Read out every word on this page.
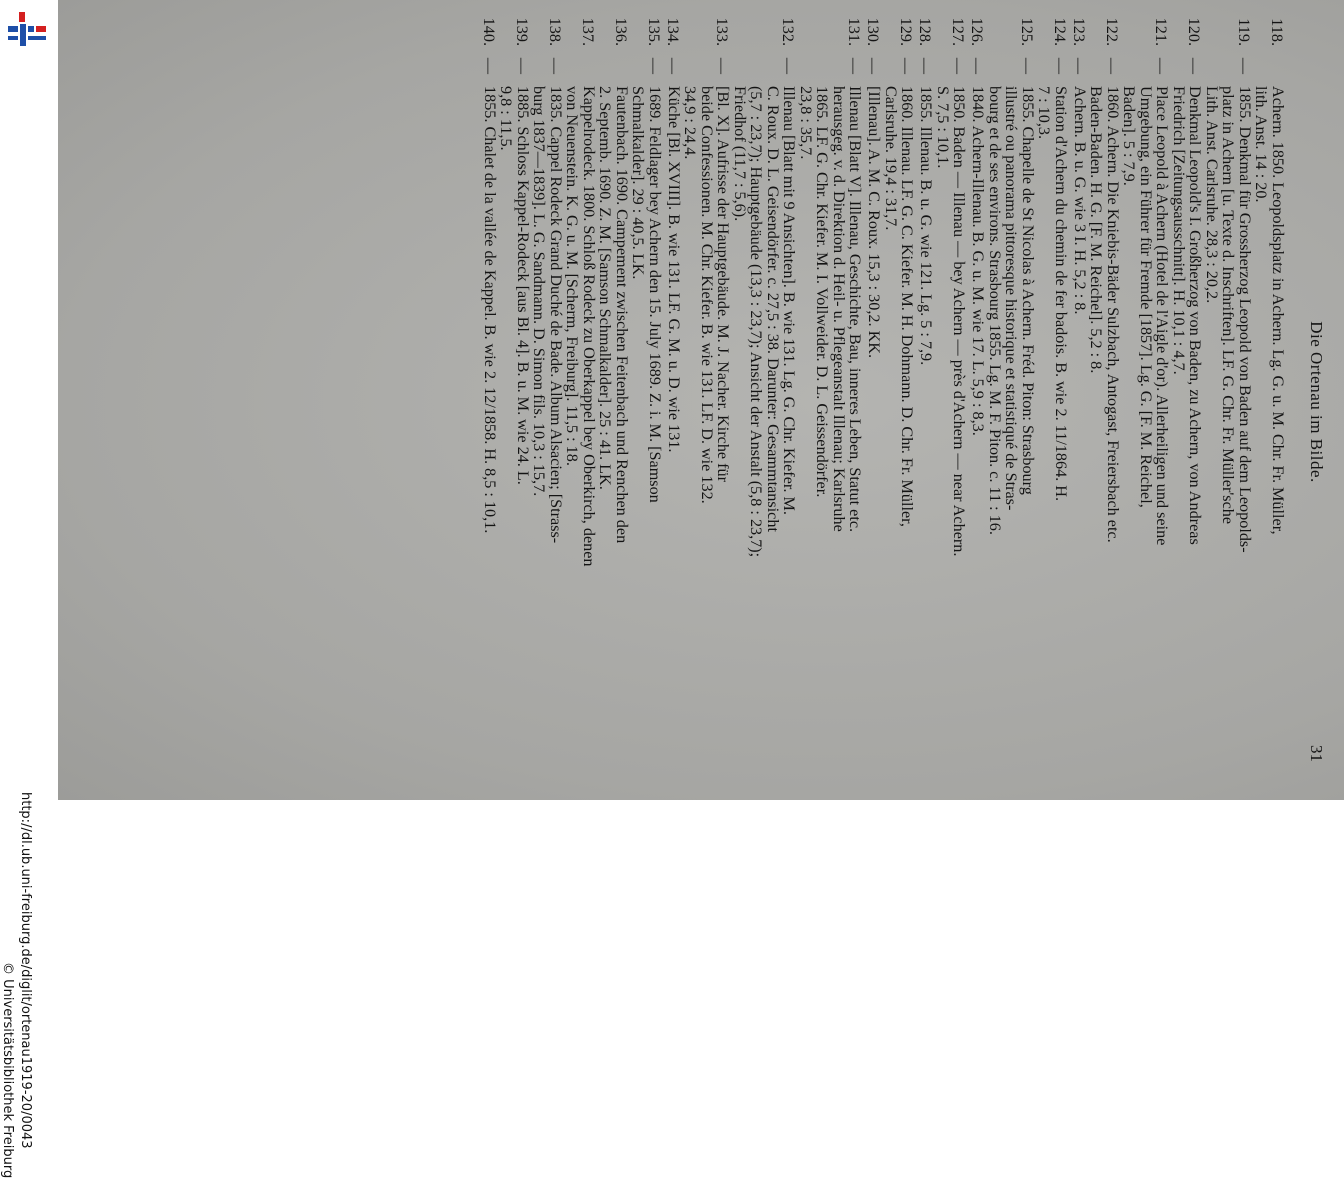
http://dl.ub.uni-freiburg.de/diglit/ortenau1919-20/0043
© Universitätsbibliothek Freiburg
Die Ortenau im Bilde.
31
118.
Achern. 1850. Leopoldsplatz in Achern. Lg. G. u. M. Chr. Fr. Müller,
lith. Anst. 14 : 20.
119.
—
1855. Denkmal für Grossherzog Leopold von Baden auf dem Leopolds-
platz in Achern [u. Texte d. Inschriften]. LF. G. Chr. Fr. Müller'sche
Lith. Anst. Carlsruhe. 28,3 : 20,2.
120.
—
Denkmal Leopold's I. Großherzog von Baden, zu Achern, von Andreas
Friedrich [Zeitungsausschnitt]. H. 10,1 : 4,7.
121.
—
Place Leopold à Achern (Hotel de l'Aigle d'or). Allerheiligen und seine
Umgebung, ein Führer für Fremde [1857]. Lg. G. [F. M. Reichel,
Baden]. 5 : 7,9.
122.
—
1860. Achern. Die Kniebis-Bäder Sulzbach, Antogast, Freiersbach etc.
Baden-Baden. H. G. [F. M. Reichel]. 5,2 : 8.
123.
—
Achern. B. u. G. wie 3 I. H. 5,2 : 8.
124.
—
Station d'Achern du chemin de fer badois. B. wie 2. 11/1864. H.
7 : 10,3.
125.
—
1855. Chapelle de St Nicolas à Achern. Fréd. Piton: Strasbourg
illustré ou panorama pittoresque historique et statistiqué de Stras-
bourg et de ses environs. Strasbourg 1855. Lg. M. F. Piton. c. 11 : 16.
126.
—
1840. Achern-Illenau. B. G. u. M. wie 17. L. 5,9 : 8,3.
127.
—
1850. Baden — Illenau — bey Achern — près d'Achern — near Achern.
S. 7,5 : 10,1.
128.
—
1855. Illenau. B. u. G. wie 121. Lg. 5 : 7,9.
129.
—
1860. Illenau. LF. G. C. Kiefer. M. H. Dohmann. D. Chr. Fr. Müller,
Carlsruhe. 19,4 : 31,7.
130.
—
[Illenau]. A. M. C. Roux. 15,3 : 30,2. KK.
131.
—
Illenau [Blatt V]. Illenau, Geschichte, Bau, inneres Leben, Statut etc.
herausgeg. v. d. Direktion d. Heil- u. Pflegeanstalt Illenau; Karlsruhe
1865. LF. G. Chr. Kiefer. M. I. Vollweider. D. L. Geissendörfer.
23,8 : 35,7.
132.
—
Illenau [Blatt mit 9 Ansichten]. B. wie 131. Lg. G. Chr. Kiefer. M.
C. Roux. D. L. Geisendörfer. c. 27,5 : 38. Darunter: Gesammtansicht
(5,7 : 23,7); Hauptgebäude (13,3 : 23,7); Ansicht der Anstalt (5,8 : 23,7);
Friedhof (11,7 : 5,6).
133.
—
[Bl. X]. Aufrisse der Hauptgebäude. M. J. Nacher. Kirche für
beide Confessionen. M. Chr. Kiefer. B. wie 131. LF. D. wie 132.
34,9 : 24,4.
134.
—
Küche [Bl. XVIII]. B. wie 131. LF. G. M. u. D. wie 131.
135.
—
1689. Feldlager bey Achern den 15. July 1689. Z. i. M. [Samson
Schmalkalder]. 29 : 40,5. LK.
136.
Fautenbach. 1690. Campement zwischen Feitenbach und Renchen den
2. Septemb. 1690. Z. M. [Samson Schmalkalder]. 25 : 41. LK.
137.
Kappelrodeck. 1800. Schloß Rodeck zu Oberkappel bey Oberkirch, denen
von Neuenstein. K. G. u. M. [Scherm, Freiburg]. 11,5 : 18.
138.
—
1835. Cappel Rodeck Grand Duché de Bade. Album Alsacien; [Strass-
burg 1837—1839]. L. G. Sandmann. D. Simon fils. 10,3 : 15,7.
139.
—
1885. Schloss Kappel-Rodeck [aus Bl. 4]. B. u. M. wie 24. L.
9,8 : 11,5.
140.
—
1855. Chalet de la vallée de Kappel. B. wie 2. 12/1858. H. 8,5 : 10,1.
